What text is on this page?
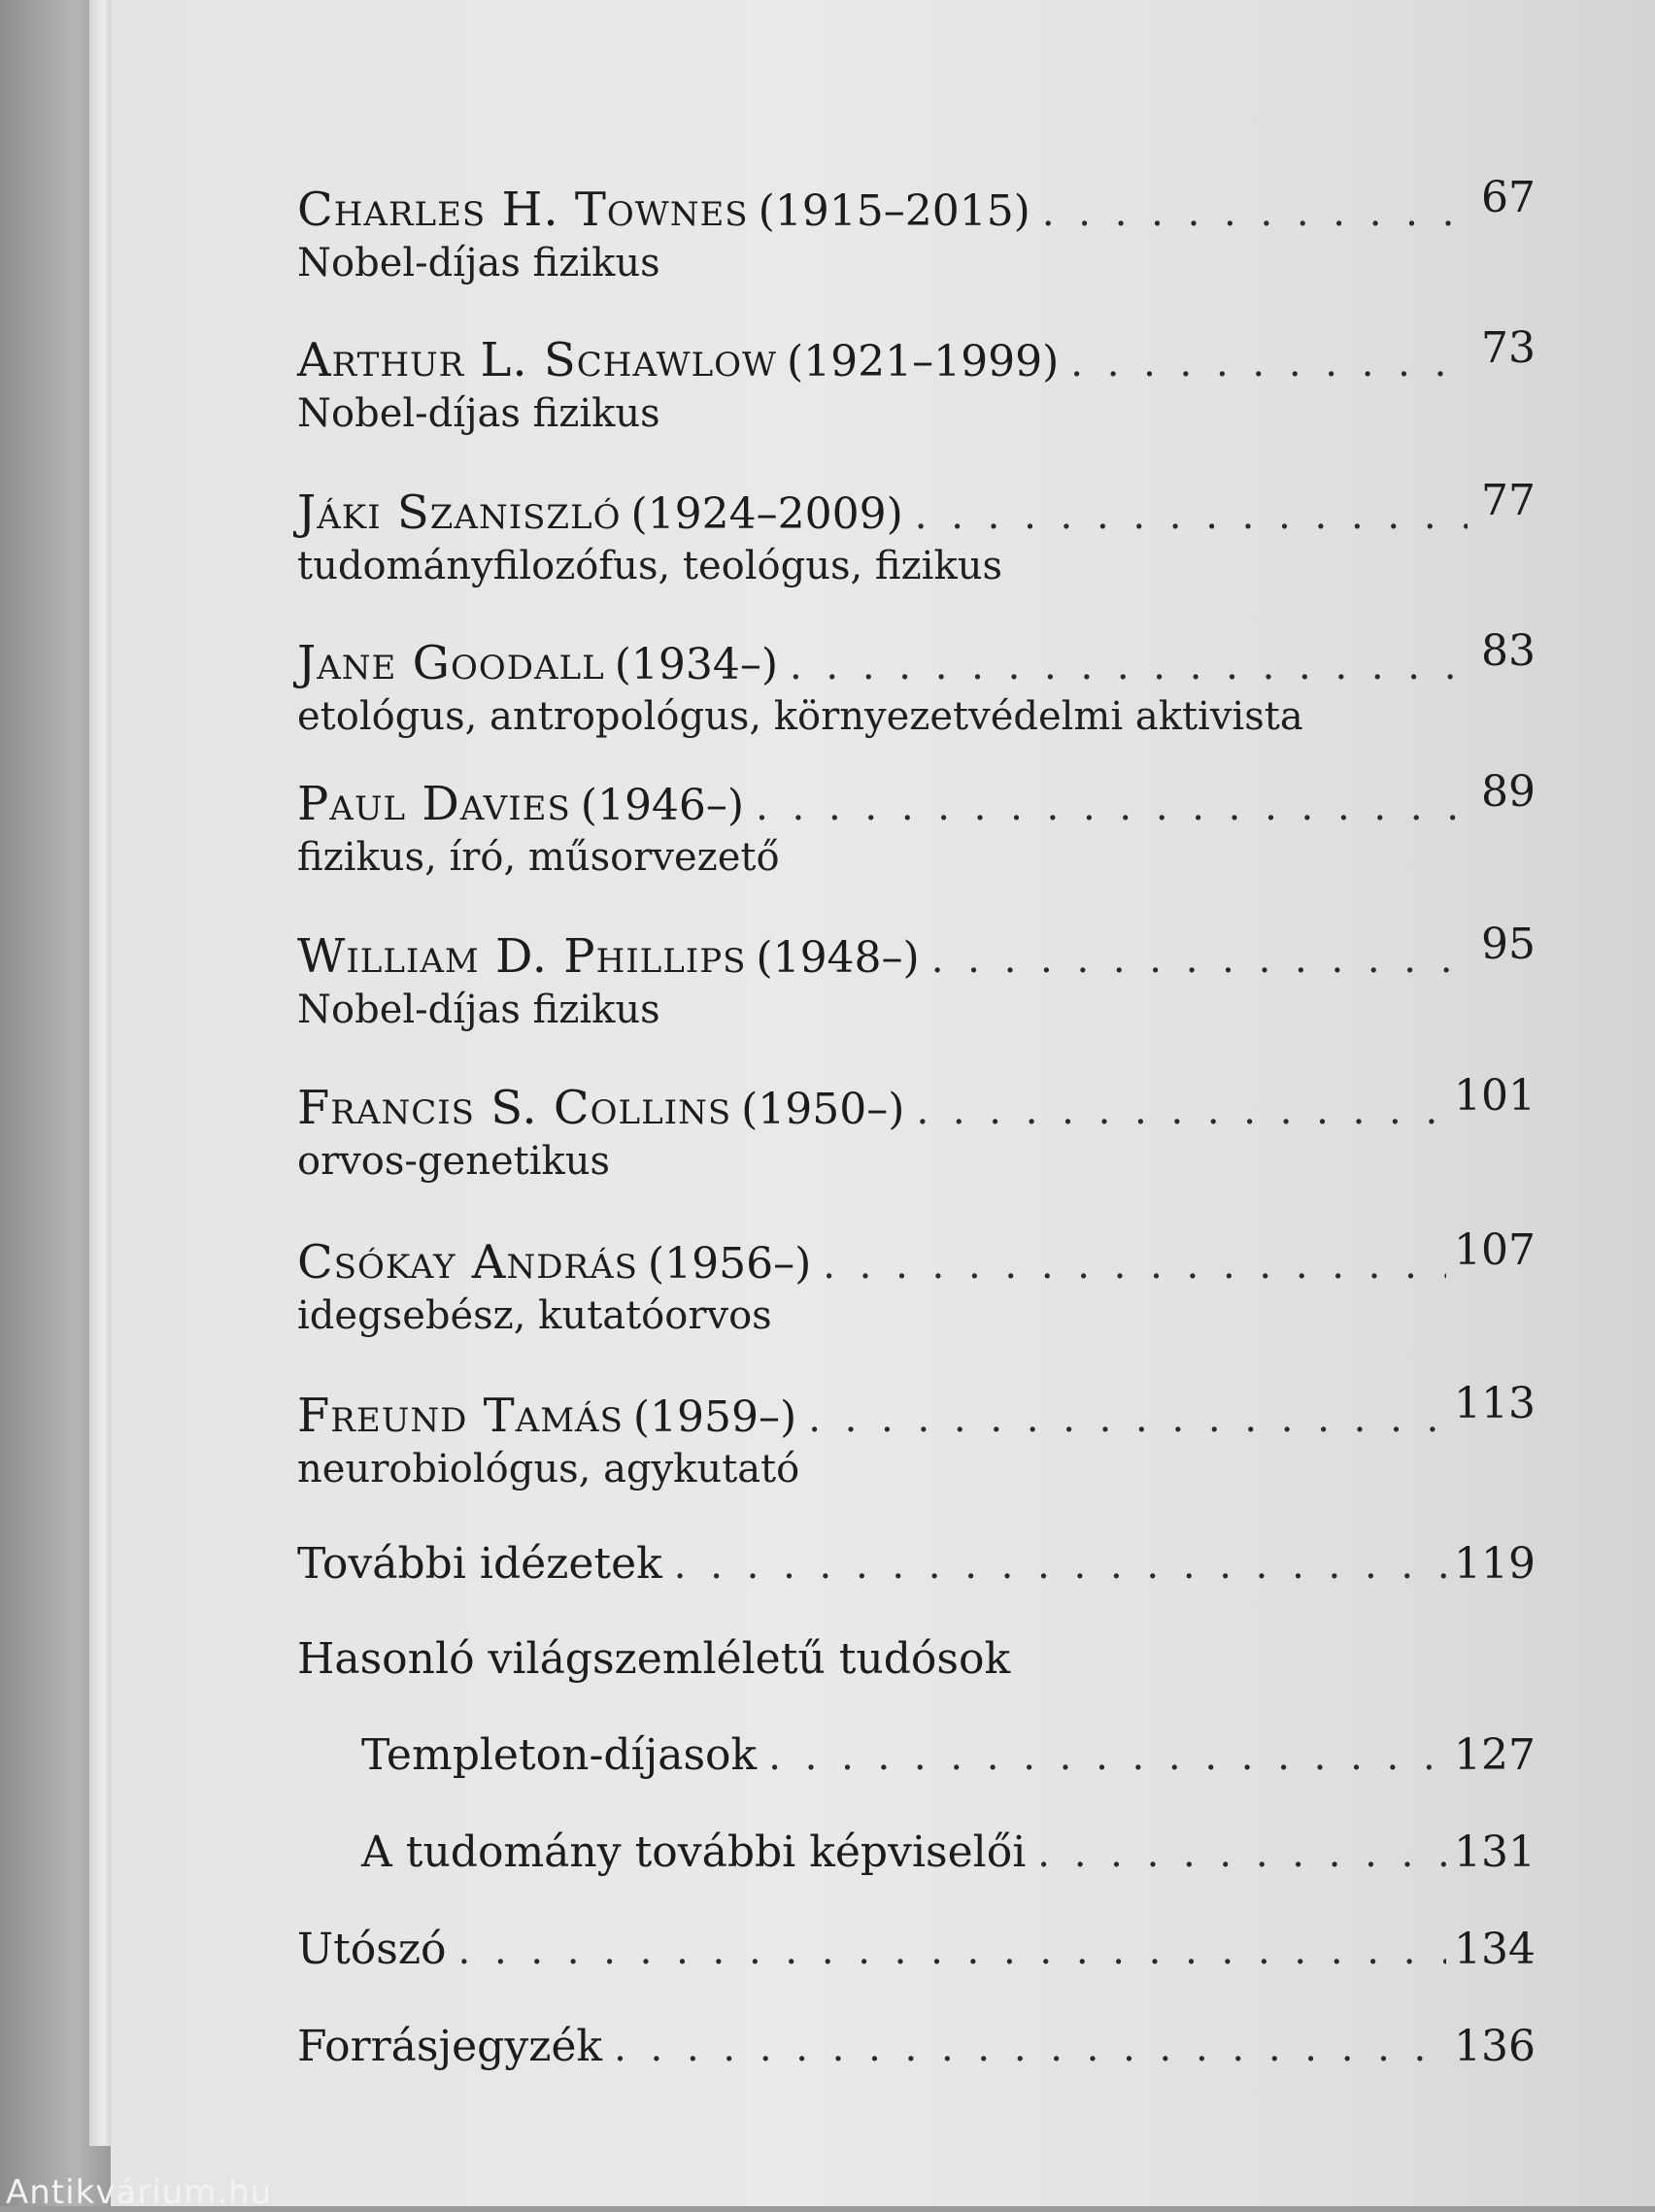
Antikvárium.hu
Charles H. Townes (1915–2015) . . .	67
Nobel-díjas fizikus
Arthur L. Schawlow (1921–1999) . . .	73
Nobel-díjas fizikus
Jáki Szaniszló (1924–2009) . . .	77
tudományfilozófus, teológus, fizikus
Jane Goodall (1934–) . . .	83
etológus, antropológus, környezetvédelmi aktivista
Paul Davies (1946–) . . .	89
fizikus, író, műsorvezető
William D. Phillips (1948–) . . .	95
Nobel-díjas fizikus
Francis S. Collins (1950–) . . .	101
orvos-genetikus
Csókay András (1956–) . . .	107
idegsebész, kutatóorvos
Freund Tamás (1959–) . . .	113
neurobiológus, agykutató
További idézetek . . .	119
Hasonló világszemléletű tudósok
Templeton-díjasok . . .	127
A tudomány további képviselői . . .	131
Utószó . . .	134
Forrásjegyzék . . .	136
